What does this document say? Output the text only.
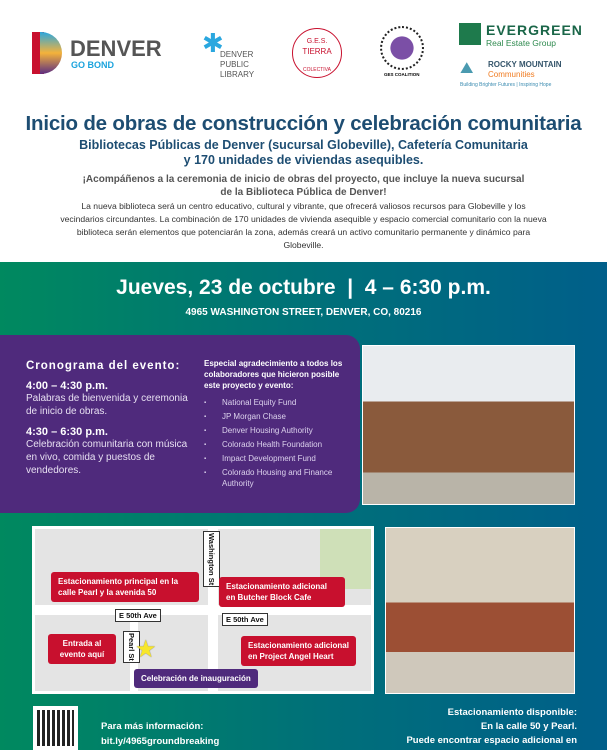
DENVER
GO BOND
✱
DENVER
PUBLIC
LIBRARY
G.E.S.
TIERRA
COLECTIVA
GES COALITION
EVERGREEN
Real Estate Group
⛰ ROCKY MOUNTAIN
Communities
Building Brighter Futures | Inspiring Hope
Inicio de obras de construcción y celebración comunitaria
Bibliotecas Públicas de Denver (sucursal Globeville), Cafetería Comunitaria
y 170 unidades de viviendas asequibles.
¡Acompáñenos a la ceremonia de inicio de obras del proyecto, que incluye la nueva sucursal
de la Biblioteca Pública de Denver!
La nueva biblioteca será un centro educativo, cultural y vibrante, que ofrecerá valiosos recursos para Globeville y los vecindarios circundantes. La combinación de 170 unidades de vivienda asequible y espacio comercial comunitario con la nueva biblioteca serán elementos que potenciarán la zona, además creará un activo comunitario permanente y dinámico para Globeville.
Jueves, 23 de octubre  |  4 – 6:30 p.m.
4965 WASHINGTON STREET, DENVER, CO, 80216
Cronograma del evento:
4:00 – 4:30 p.m.
Palabras de bienvenida y ceremonia de inicio de obras.
4:30 – 6:30 p.m.
Celebración comunitaria con música en vivo, comida y puestos de vendedores.
Especial agradecimiento a todos los colaboradores que hicieron posible este proyecto y evento:
▪ National Equity Fund
▪ JP Morgan Chase
▪ Denver Housing Authority
▪ Colorado Health Foundation
▪ Impact Development Fund
▪ Colorado Housing and Finance Authority
Washington St
E 50th Ave	E 50th Ave
Pearl St
Estacionamiento principal en la calle Pearl y la avenida 50
Estacionamiento adicional en Butcher Block Cafe
Estacionamiento adicional en Project Angel Heart
Entrada al evento aquí	★
Celebración de inauguración
Para más información:
bit.ly/4965groundbreaking
Estacionamiento disponible:
En la calle 50 y Pearl.
Puede encontrar espacio adicional en
